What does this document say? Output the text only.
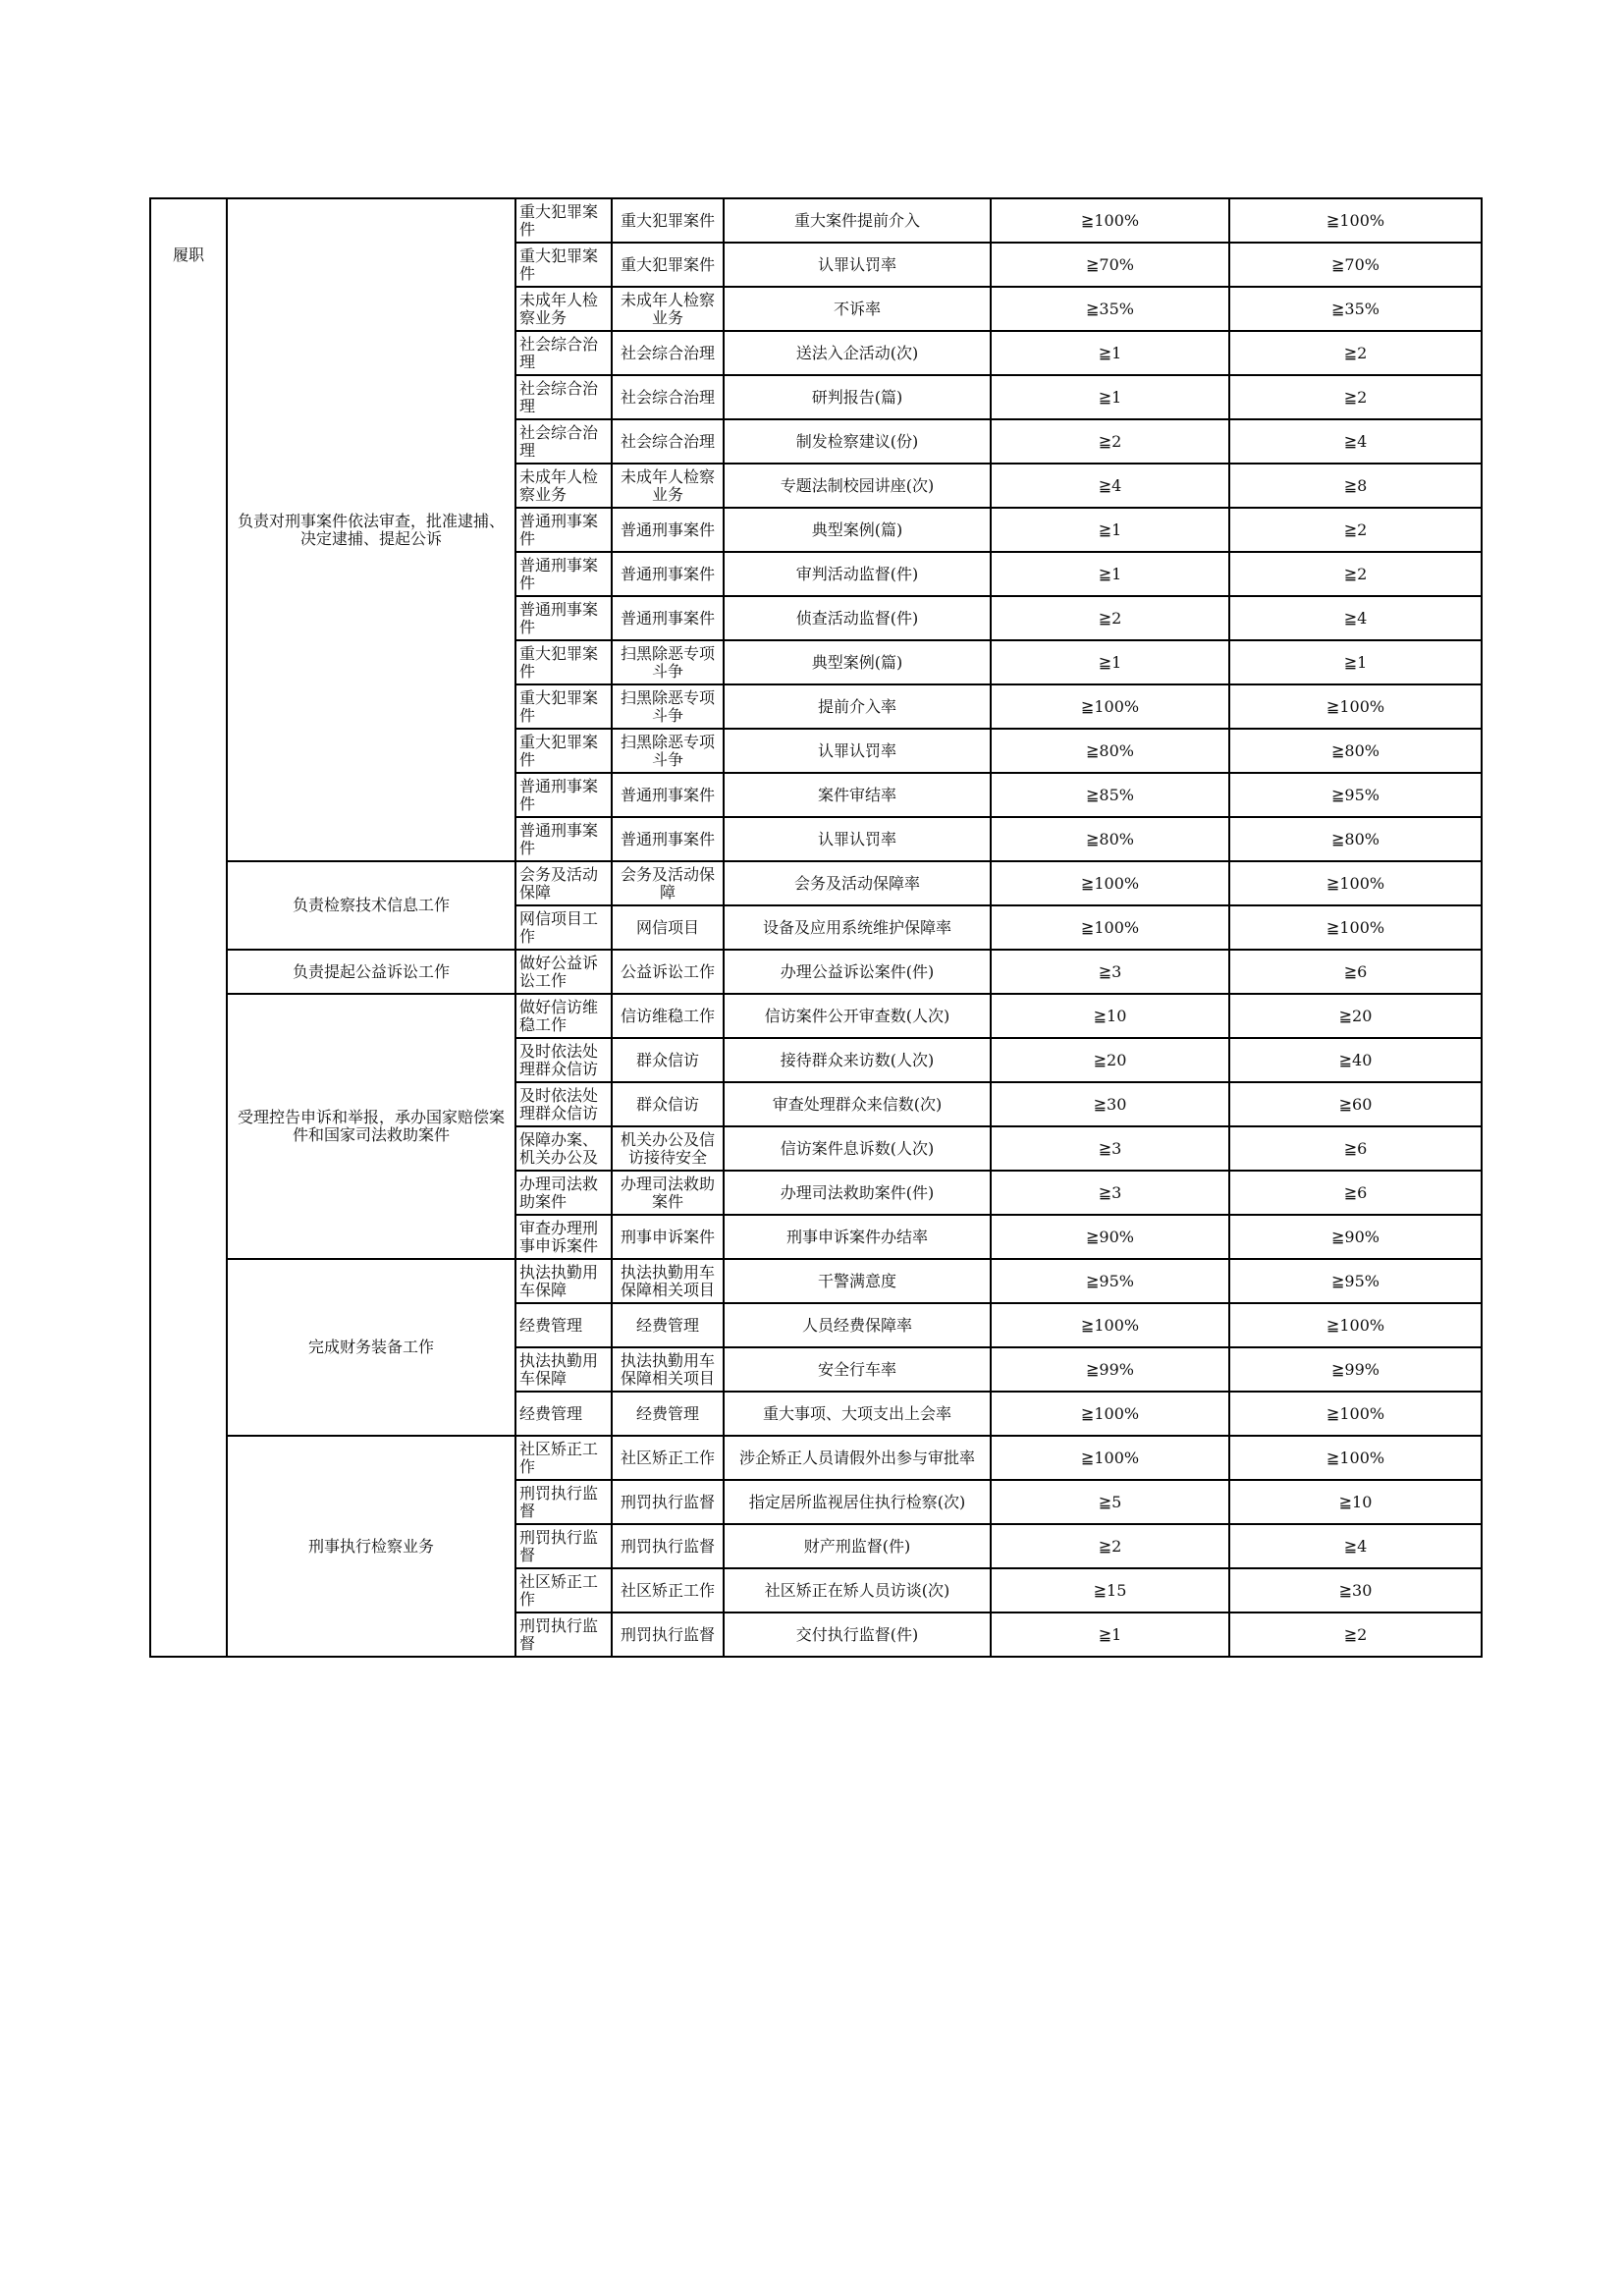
履职	负责对刑事案件依法审查，批准逮捕、决定逮捕、提起公诉	重大犯罪案件	重大犯罪案件	重大案件提前介入	≧100%	≧100%

		重大犯罪案件	重大犯罪案件	认罪认罚率	≧70%	≧70%

		未成年人检察业务	未成年人检察业务	不诉率	≧35%	≧35%

		社会综合治理	社会综合治理	送法入企活动(次)	≧1	≧2

		社会综合治理	社会综合治理	研判报告(篇)	≧1	≧2

		社会综合治理	社会综合治理	制发检察建议(份)	≧2	≧4

		未成年人检察业务	未成年人检察业务	专题法制校园讲座(次)	≧4	≧8

		普通刑事案件	普通刑事案件	典型案例(篇)	≧1	≧2

		普通刑事案件	普通刑事案件	审判活动监督(件)	≧1	≧2

		普通刑事案件	普通刑事案件	侦查活动监督(件)	≧2	≧4

		重大犯罪案件	扫黑除恶专项斗争	典型案例(篇)	≧1	≧1

		重大犯罪案件	扫黑除恶专项斗争	提前介入率	≧100%	≧100%

		重大犯罪案件	扫黑除恶专项斗争	认罪认罚率	≧80%	≧80%

		普通刑事案件	普通刑事案件	案件审结率	≧85%	≧95%

		普通刑事案件	普通刑事案件	认罪认罚率	≧80%	≧80%
	负责检察技术信息工作	会务及活动保障	会务及活动保障	会务及活动保障率	≧100%	≧100%

		网信项目工作	网信项目	设备及应用系统维护保障率	≧100%	≧100%
	负责提起公益诉讼工作	做好公益诉讼工作	公益诉讼工作	办理公益诉讼案件(件)	≧3	≧6
	受理控告申诉和举报，承办国家赔偿案件和国家司法救助案件	做好信访维稳工作	信访维稳工作	信访案件公开审查数(人次)	≧10	≧20

		及时依法处理群众信访	群众信访	接待群众来访数(人次)	≧20	≧40

		及时依法处理群众信访	群众信访	审查处理群众来信数(次)	≧30	≧60

		保障办案、机关办公及	机关办公及信访接待安全	信访案件息诉数(人次)	≧3	≧6

		办理司法救助案件	办理司法救助案件	办理司法救助案件(件)	≧3	≧6

		审查办理刑事申诉案件	刑事申诉案件	刑事申诉案件办结率	≧90%	≧90%
	完成财务装备工作	执法执勤用车保障	执法执勤用车保障相关项目	干警满意度	≧95%	≧95%

		经费管理	经费管理	人员经费保障率	≧100%	≧100%

		执法执勤用车保障	执法执勤用车保障相关项目	安全行车率	≧99%	≧99%

		经费管理	经费管理	重大事项、大项支出上会率	≧100%	≧100%
	刑事执行检察业务	社区矫正工作	社区矫正工作	涉企矫正人员请假外出参与审批率	≧100%	≧100%

		刑罚执行监督	刑罚执行监督	指定居所监视居住执行检察(次)	≧5	≧10

		刑罚执行监督	刑罚执行监督	财产刑监督(件)	≧2	≧4

		社区矫正工作	社区矫正工作	社区矫正在矫人员访谈(次)	≧15	≧30

		刑罚执行监督	刑罚执行监督	交付执行监督(件)	≧1	≧2
